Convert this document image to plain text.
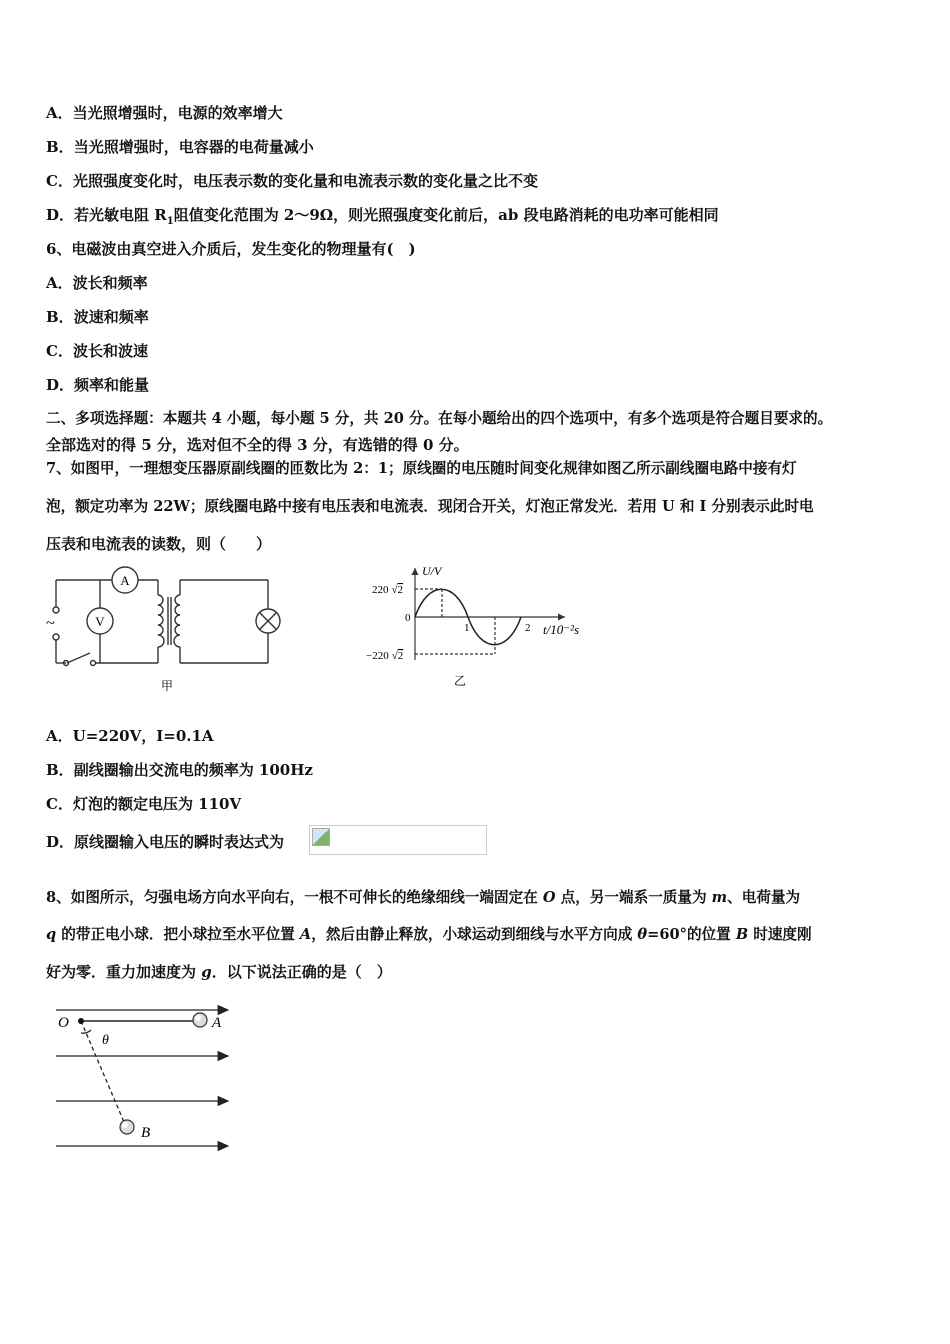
A．当光照增强时，电源的效率增大
B．当光照增强时，电容器的电荷量减小
C．光照强度变化时，电压表示数的变化量和电流表示数的变化量之比不变
D．若光敏电阻 $R_1$阻值变化范围为 2～9Ω，则光照强度变化前后，ab 段电路消耗的电功率可能相同
6、电磁波由真空进入介质后，发生变化的物理量有(　)
A．波长和频率
B．波速和频率
C．波长和波速
D．频率和能量
二、多项选择题：本题共 4 小题，每小题 5 分，共 20 分。在每小题给出的四个选项中，有多个选项是符合题目要求的。
全部选对的得 5 分，选对但不全的得 3 分，有选错的得 0 分。
7、如图甲，一理想变压器原副线圈的匝数比为 2：1；原线圈的电压随时间变化规律如图乙所示副线圈电路中接有灯
泡，额定功率为 22W；原线圈电路中接有电压表和电流表．现闭合开关，灯泡正常发光．若用 U 和 I 分别表示此时电
压表和电流表的读数，则（　　）
A
V
~
甲
U/V
t/10⁻²s
220 √2
−220 √2
0
1	2
乙
A．U=220V，I=0.1A
B．副线圈输出交流电的频率为 100Hz
C．灯泡的额定电压为 110V
D．原线圈输入电压的瞬时表达式为
8、如图所示，匀强电场方向水平向右，一根不可伸长的绝缘细线一端固定在 O 点，另一端系一质量为 m、电荷量为
q 的带正电小球．把小球拉至水平位置 A，然后由静止释放，小球运动到细线与水平方向成 θ=60°的位置 B 时速度刚
好为零．重力加速度为 g．以下说法正确的是（　）
O	A
B
θ
